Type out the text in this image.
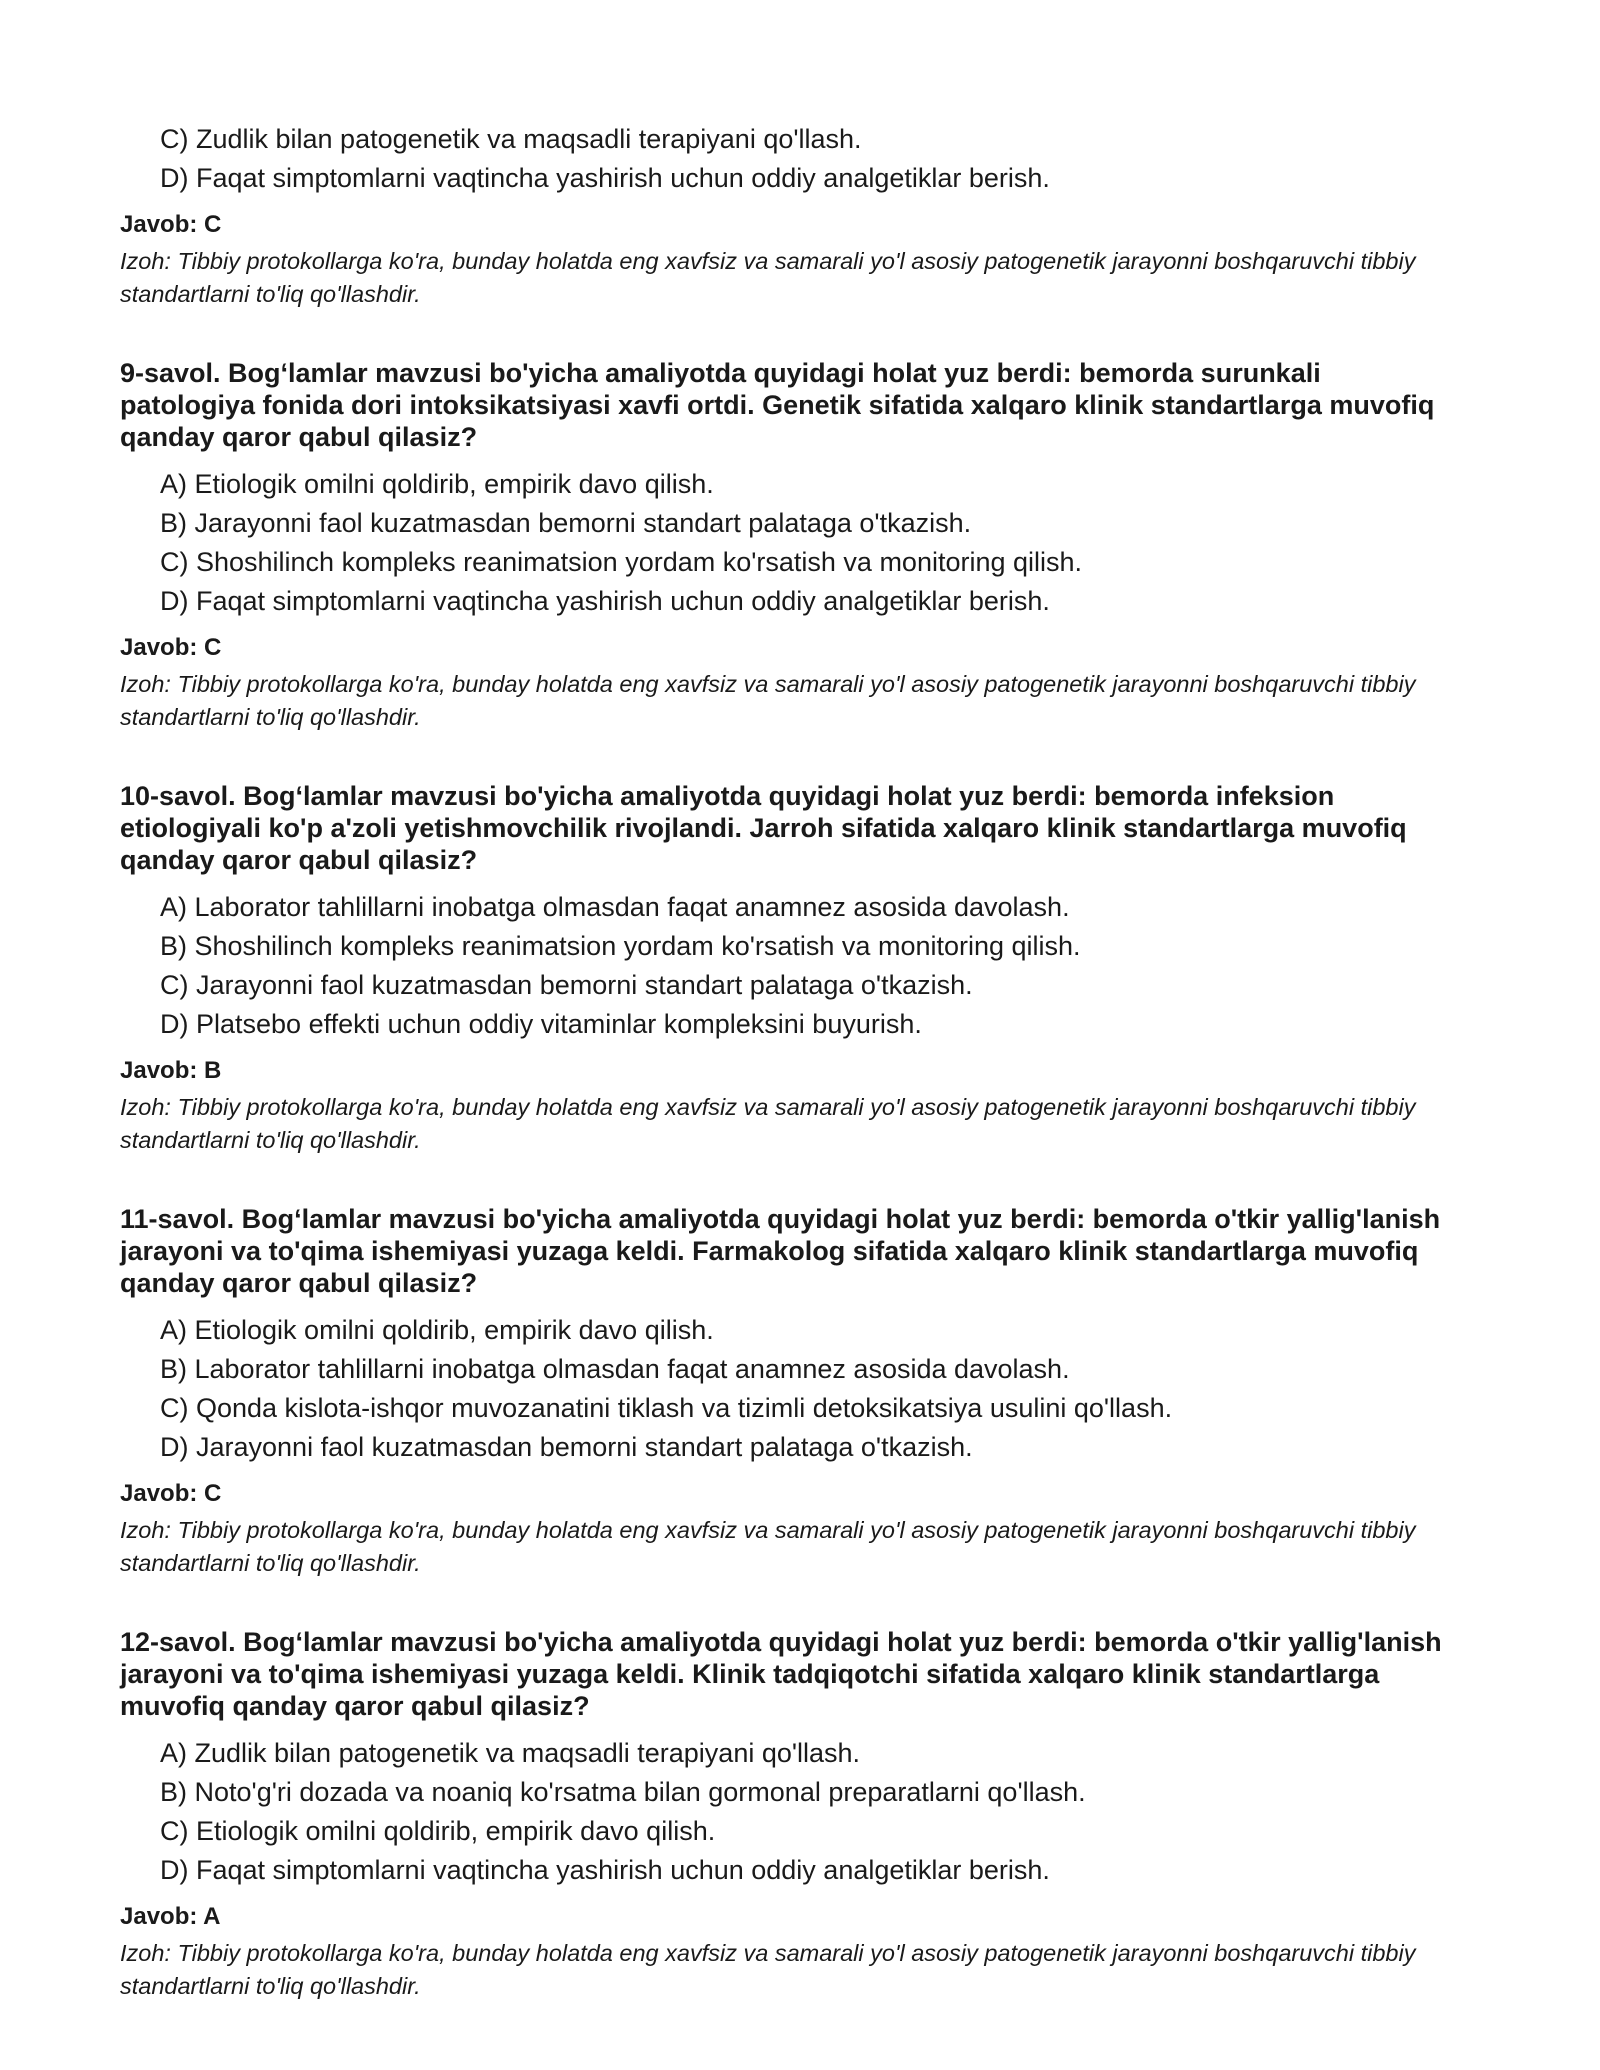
C) Zudlik bilan patogenetik va maqsadli terapiyani qo'llash.
D) Faqat simptomlarni vaqtincha yashirish uchun oddiy analgetiklar berish.
Javob: C
Izoh: Tibbiy protokollarga ko'ra, bunday holatda eng xavfsiz va samarali yo'l asosiy patogenetik jarayonni boshqaruvchi tibbiy standartlarni to'liq qo'llashdir.
9-savol. Bog‘lamlar mavzusi bo'yicha amaliyotda quyidagi holat yuz berdi: bemorda surunkali patologiya fonida dori intoksikatsiyasi xavfi ortdi. Genetik sifatida xalqaro klinik standartlarga muvofiq qanday qaror qabul qilasiz?
A) Etiologik omilni qoldirib, empirik davo qilish.
B) Jarayonni faol kuzatmasdan bemorni standart palataga o'tkazish.
C) Shoshilinch kompleks reanimatsion yordam ko'rsatish va monitoring qilish.
D) Faqat simptomlarni vaqtincha yashirish uchun oddiy analgetiklar berish.
Javob: C
Izoh: Tibbiy protokollarga ko'ra, bunday holatda eng xavfsiz va samarali yo'l asosiy patogenetik jarayonni boshqaruvchi tibbiy standartlarni to'liq qo'llashdir.
10-savol. Bog‘lamlar mavzusi bo'yicha amaliyotda quyidagi holat yuz berdi: bemorda infeksion etiologiyali ko'p a'zoli yetishmovchilik rivojlandi. Jarroh sifatida xalqaro klinik standartlarga muvofiq qanday qaror qabul qilasiz?
A) Laborator tahlillarni inobatga olmasdan faqat anamnez asosida davolash.
B) Shoshilinch kompleks reanimatsion yordam ko'rsatish va monitoring qilish.
C) Jarayonni faol kuzatmasdan bemorni standart palataga o'tkazish.
D) Platsebo effekti uchun oddiy vitaminlar kompleksini buyurish.
Javob: B
Izoh: Tibbiy protokollarga ko'ra, bunday holatda eng xavfsiz va samarali yo'l asosiy patogenetik jarayonni boshqaruvchi tibbiy standartlarni to'liq qo'llashdir.
11-savol. Bog‘lamlar mavzusi bo'yicha amaliyotda quyidagi holat yuz berdi: bemorda o'tkir yallig'lanish jarayoni va to'qima ishemiyasi yuzaga keldi. Farmakolog sifatida xalqaro klinik standartlarga muvofiq qanday qaror qabul qilasiz?
A) Etiologik omilni qoldirib, empirik davo qilish.
B) Laborator tahlillarni inobatga olmasdan faqat anamnez asosida davolash.
C) Qonda kislota-ishqor muvozanatini tiklash va tizimli detoksikatsiya usulini qo'llash.
D) Jarayonni faol kuzatmasdan bemorni standart palataga o'tkazish.
Javob: C
Izoh: Tibbiy protokollarga ko'ra, bunday holatda eng xavfsiz va samarali yo'l asosiy patogenetik jarayonni boshqaruvchi tibbiy standartlarni to'liq qo'llashdir.
12-savol. Bog‘lamlar mavzusi bo'yicha amaliyotda quyidagi holat yuz berdi: bemorda o'tkir yallig'lanish jarayoni va to'qima ishemiyasi yuzaga keldi. Klinik tadqiqotchi sifatida xalqaro klinik standartlarga muvofiq qanday qaror qabul qilasiz?
A) Zudlik bilan patogenetik va maqsadli terapiyani qo'llash.
B) Noto'g'ri dozada va noaniq ko'rsatma bilan gormonal preparatlarni qo'llash.
C) Etiologik omilni qoldirib, empirik davo qilish.
D) Faqat simptomlarni vaqtincha yashirish uchun oddiy analgetiklar berish.
Javob: A
Izoh: Tibbiy protokollarga ko'ra, bunday holatda eng xavfsiz va samarali yo'l asosiy patogenetik jarayonni boshqaruvchi tibbiy standartlarni to'liq qo'llashdir.
